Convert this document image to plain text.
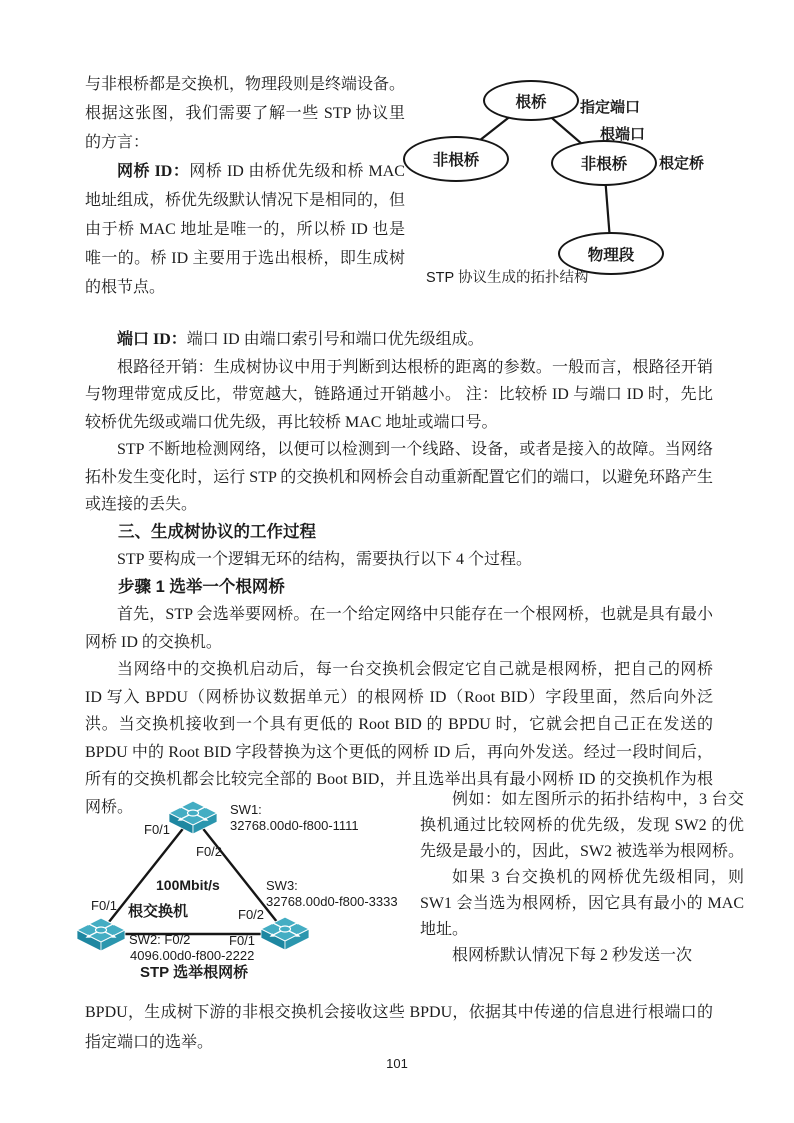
与非根桥都是交换机，物理段则是终端设备。根据这张图，我们需要了解一些 STP 协议里的方言：

网桥 ID：网桥 ID 由桥优先级和桥 MAC 地址组成，桥优先级默认情况下是相同的，但由于桥 MAC 地址是唯一的，所以桥 ID 也是唯一的。桥 ID 主要用于选出根桥，即生成树的根节点。

根桥
非根桥	非根桥
物理段
指定端口
根端口
根定桥
STP 协议生成的拓扑结构

端口 ID：端口 ID 由端口索引号和端口优先级组成。

根路径开销：生成树协议中用于判断到达根桥的距离的参数。一般而言，根路径开销与物理带宽成反比，带宽越大，链路通过开销越小。 注：比较桥 ID 与端口 ID 时，先比较桥优先级或端口优先级，再比较桥 MAC 地址或端口号。

STP 不断地检测网络，以便可以检测到一个线路、设备，或者是接入的故障。当网络拓朴发生变化时，运行 STP 的交换机和网桥会自动重新配置它们的端口，以避免环路产生或连接的丢失。

三、生成树协议的工作过程

STP 要构成一个逻辑无环的结构，需要执行以下 4 个过程。

步骤 1 选举一个根网桥

首先，STP 会选举要网桥。在一个给定网络中只能存在一个根网桥，也就是具有最小网桥 ID 的交换机。

当网络中的交换机启动后，每一台交换机会假定它自己就是根网桥，把自己的网桥 ID 写入 BPDU（网桥协议数据单元）的根网桥 ID（Root BID）字段里面，然后向外泛洪。当交换机接收到一个具有更低的 Root BID 的 BPDU 时，它就会把自己正在发送的 BPDU 中的 Root BID 字段替换为这个更低的网桥 ID 后，再向外发送。经过一段时间后，所有的交换机都会比较完全部的 Boot BID，并且选举出具有最小网桥 ID 的交换机作为根网桥。	SW1:
32768.00d0-f800-1111
F0/1
F0/2
100Mbit/s	SW3:
32768.00d0-f800-3333
F0/1 根交换机	F0/2
SW2: F0/2	F0/1
4096.00d0-f800-2222
STP 选举根网桥

例如：如左图所示的拓扑结构中，3 台交换机通过比较网桥的优先级，发现 SW2 的优先级是最小的，因此，SW2 被选举为根网桥。

如果 3 台交换机的网桥优先级相同，则 SW1 会当选为根网桥，因它具有最小的 MAC 地址。

根网桥默认情况下每 2 秒发送一次

BPDU，生成树下游的非根交换机会接收这些 BPDU，依据其中传递的信息进行根端口的指定端口的选举。

101
